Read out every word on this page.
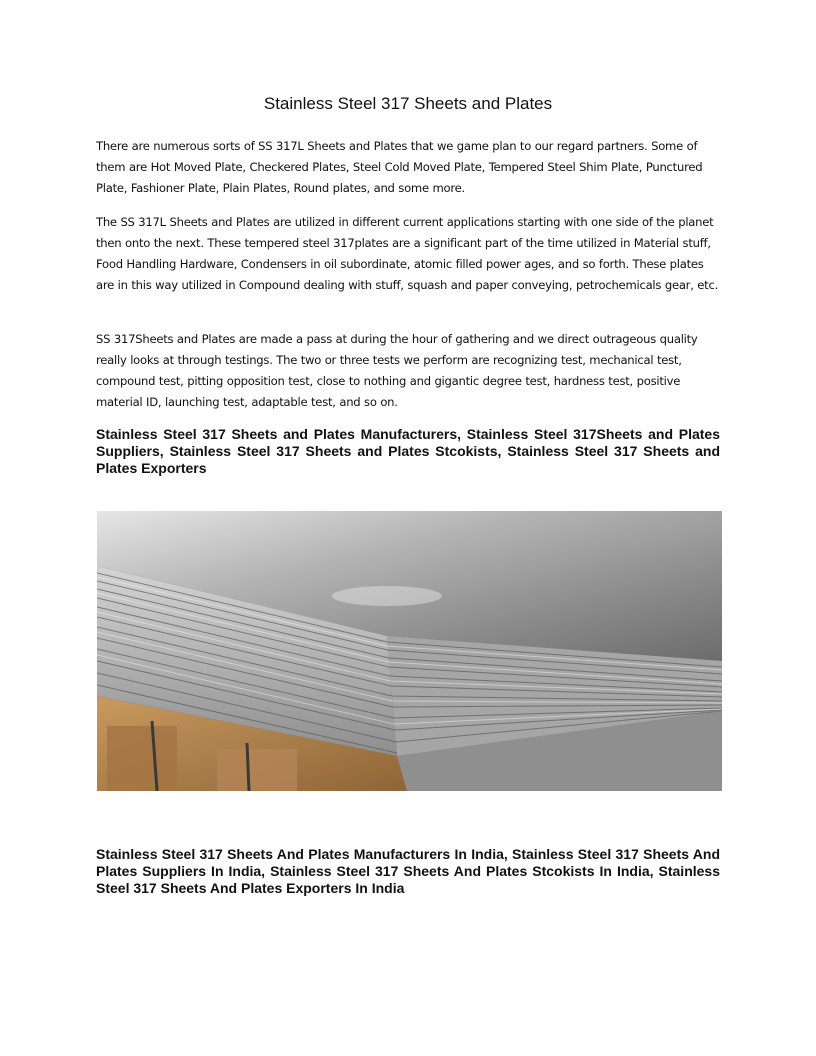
Stainless Steel 317 Sheets and Plates

There are numerous sorts of SS 317L Sheets and Plates that we game plan to our regard partners. Some of them are Hot Moved Plate, Checkered Plates, Steel Cold Moved Plate, Tempered Steel Shim Plate, Punctured Plate, Fashioner Plate, Plain Plates, Round plates, and some more.

The SS 317L Sheets and Plates are utilized in different current applications starting with one side of the planet then onto the next. These tempered steel 317plates are a significant part of the time utilized in Material stuff, Food Handling Hardware, Condensers in oil subordinate, atomic filled power ages, and so forth. These plates are in this way utilized in Compound dealing with stuff, squash and paper conveying, petrochemicals gear, etc.

SS 317Sheets and Plates are made a pass at during the hour of gathering and we direct outrageous quality really looks at through testings. The two or three tests we perform are recognizing test, mechanical test, compound test, pitting opposition test, close to nothing and gigantic degree test, hardness test, positive material ID, launching test, adaptable test, and so on.

Stainless Steel 317 Sheets and Plates Manufacturers, Stainless Steel 317Sheets and Plates Suppliers, Stainless Steel 317 Sheets and Plates Stcokists, Stainless Steel 317 Sheets and Plates Exporters
Stainless Steel 317 Sheets And Plates Manufacturers In India, Stainless Steel 317 Sheets And Plates Suppliers In India, Stainless Steel 317 Sheets And Plates Stcokists In India, Stainless Steel 317 Sheets And Plates Exporters In India
